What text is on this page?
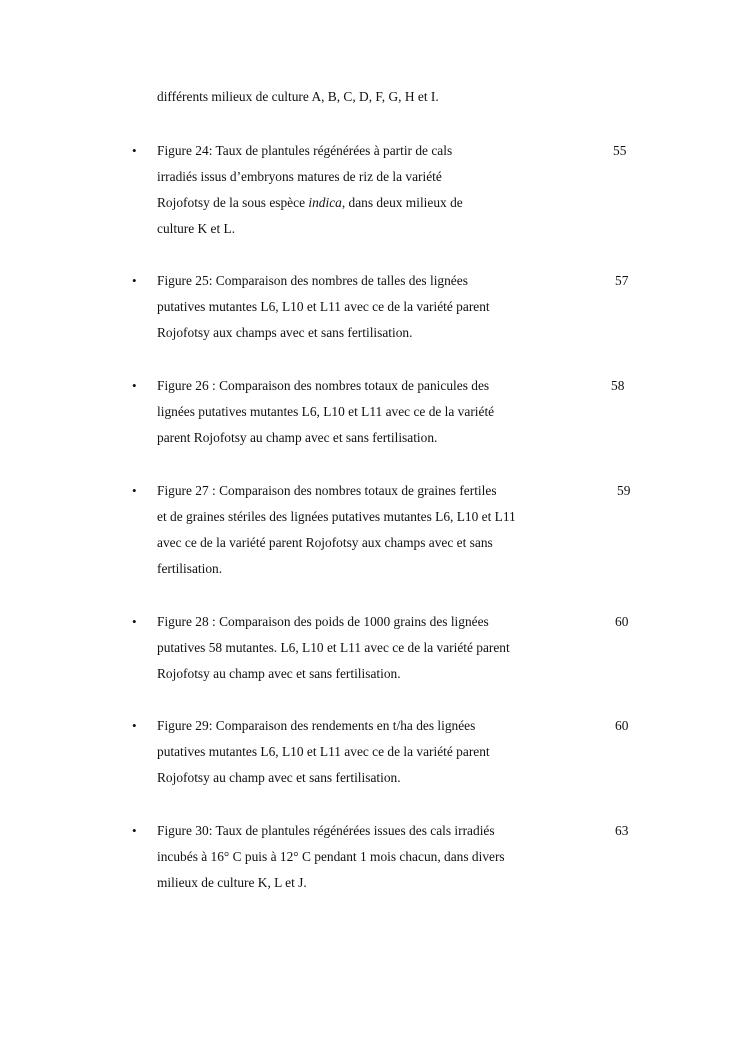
différents milieux de culture A, B, C, D, F, G, H et I.
• Figure 24: Taux de plantules régénérées à partir de cals	55
irradiés issus d’embryons matures de riz de la variété
Rojofotsy de la sous espèce indica, dans deux milieux de
culture K et L.
• Figure 25: Comparaison des nombres de talles des lignées	57
putatives mutantes L6, L10 et L11 avec ce de la variété parent
Rojofotsy aux champs avec et sans fertilisation.
• Figure 26 : Comparaison des nombres totaux de panicules des	58
lignées putatives mutantes L6, L10 et L11 avec ce de la variété
parent Rojofotsy au champ avec et sans fertilisation.
• Figure 27 : Comparaison des nombres totaux de graines fertiles	59
et de graines stériles des lignées putatives mutantes L6, L10 et L11
avec ce de la variété parent Rojofotsy aux champs avec et sans
fertilisation.
• Figure 28 : Comparaison des poids de 1000 grains des lignées	60
putatives 58 mutantes. L6, L10 et L11 avec ce de la variété parent
Rojofotsy au champ avec et sans fertilisation.
• Figure 29: Comparaison des rendements en t/ha des lignées	60
putatives mutantes L6, L10 et L11 avec ce de la variété parent
Rojofotsy au champ avec et sans fertilisation.
• Figure 30: Taux de plantules régénérées issues des cals irradiés	63
incubés à 16° C puis à 12° C pendant 1 mois chacun, dans divers
milieux de culture K, L et J.
